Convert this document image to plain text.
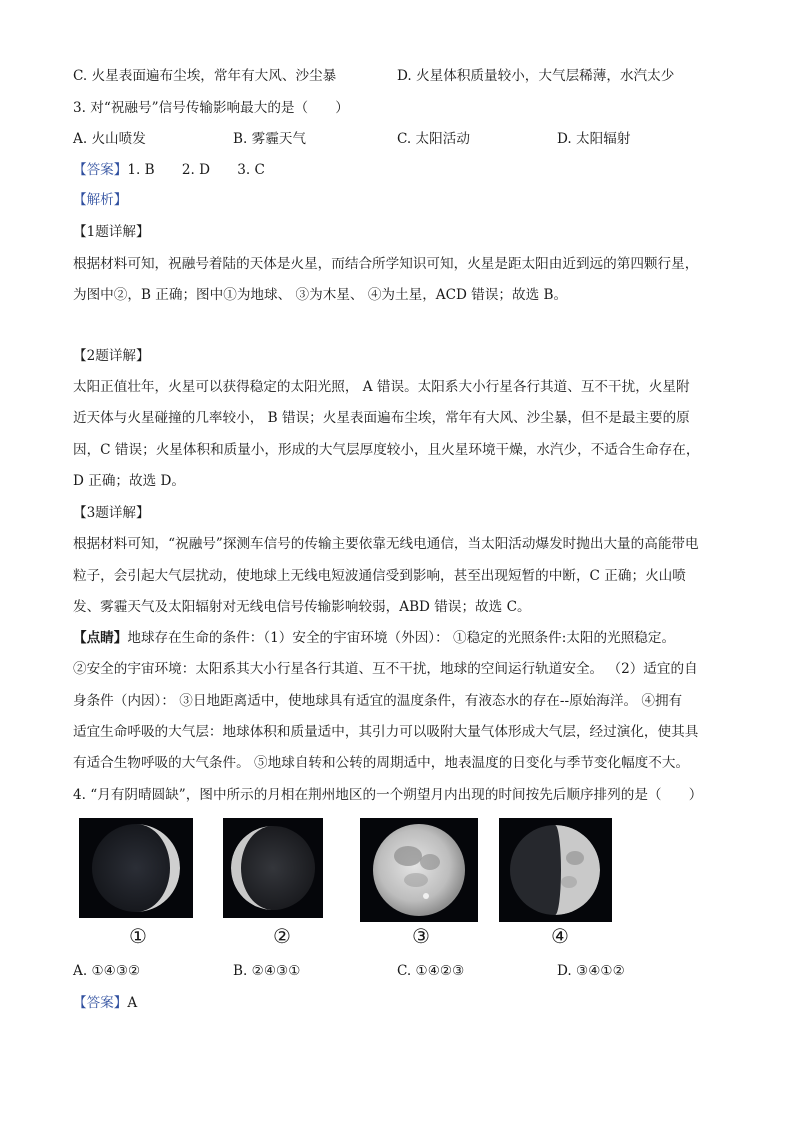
C. 火星表面遍布尘埃，常年有大风、沙尘暴	D. 火星体积质量较小，大气层稀薄，水汽太少
3. 对“祝融号”信号传输影响最大的是（　　）
A. 火山喷发	B. 雾霾天气	C. 太阳活动	D. 太阳辐射
【答案】1. B　　2. D　　3. C
【解析】
【1题详解】
根据材料可知，祝融号着陆的天体是火星，而结合所学知识可知，火星是距太阳由近到远的第四颗行星，
为图中②，B 正确；图中①为地球、 ③为木星、 ④为土星，ACD 错误；故选 B。
【2题详解】
太阳正值壮年，火星可以获得稳定的太阳光照， A 错误。太阳系大小行星各行其道、互不干扰，火星附
近天体与火星碰撞的几率较小， B 错误；火星表面遍布尘埃，常年有大风、沙尘暴，但不是最主要的原
因，C 错误；火星体积和质量小，形成的大气层厚度较小，且火星环境干燥，水汽少，不适合生命存在，
D 正确；故选 D。
【3题详解】
根据材料可知，“祝融号”探测车信号的传输主要依靠无线电通信，当太阳活动爆发时抛出大量的高能带电
粒子，会引起大气层扰动，使地球上无线电短波通信受到影响，甚至出现短暂的中断，C 正确；火山喷
发、雾霾天气及太阳辐射对无线电信号传输影响较弱，ABD 错误；故选 C。
【点睛】地球存在生命的条件：（1）安全的宇宙环境（外因）： ①稳定的光照条件:太阳的光照稳定。
②安全的宇宙环境：太阳系其大小行星各行其道、互不干扰，地球的空间运行轨道安全。 （2）适宜的自
身条件（内因）： ③日地距离适中，使地球具有适宜的温度条件，有液态水的存在--原始海洋。 ④拥有
适宜生命呼吸的大气层：地球体积和质量适中，其引力可以吸附大量气体形成大气层，经过演化，使其具
有适合生物呼吸的大气条件。 ⑤地球自转和公转的周期适中，地表温度的日变化与季节变化幅度不大。
4. “月有阴晴圆缺”，图中所示的月相在荆州地区的一个朔望月内出现的时间按先后顺序排列的是（　　）
①	②	③	④
A. ①④③②	B. ②④③①	C. ①④②③	D. ③④①②
【答案】A
